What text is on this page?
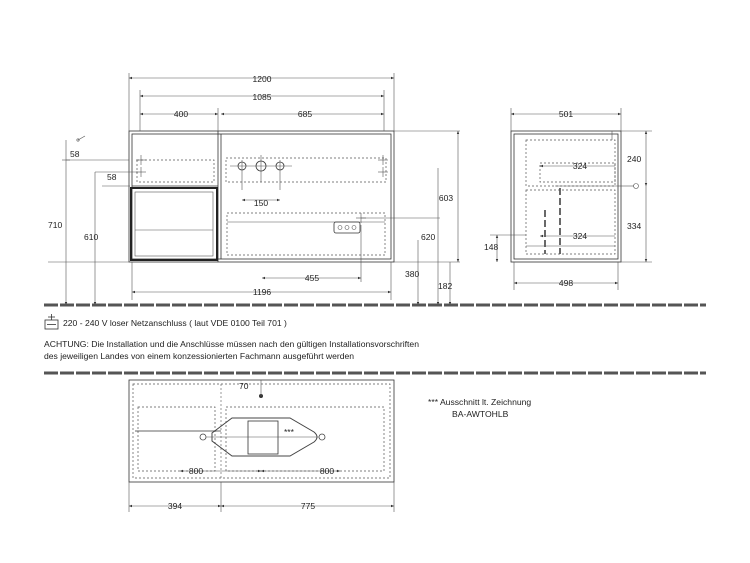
1200
1085
400	685
58
58
710
610
150
455
1196
603
620
380
182
324
324
501
240
334
148
498
70
***
800	800
394	775
220 - 240 V loser Netzanschluss ( laut VDE 0100 Teil 701 )
ACHTUNG: Die Installation und die Anschlüsse müssen nach den gültigen Installationsvorschriften
des jeweiligen Landes von einem konzessionierten Fachmann ausgeführt werden
*** Ausschnitt lt. Zeichnung
BA-AWTOHLB
